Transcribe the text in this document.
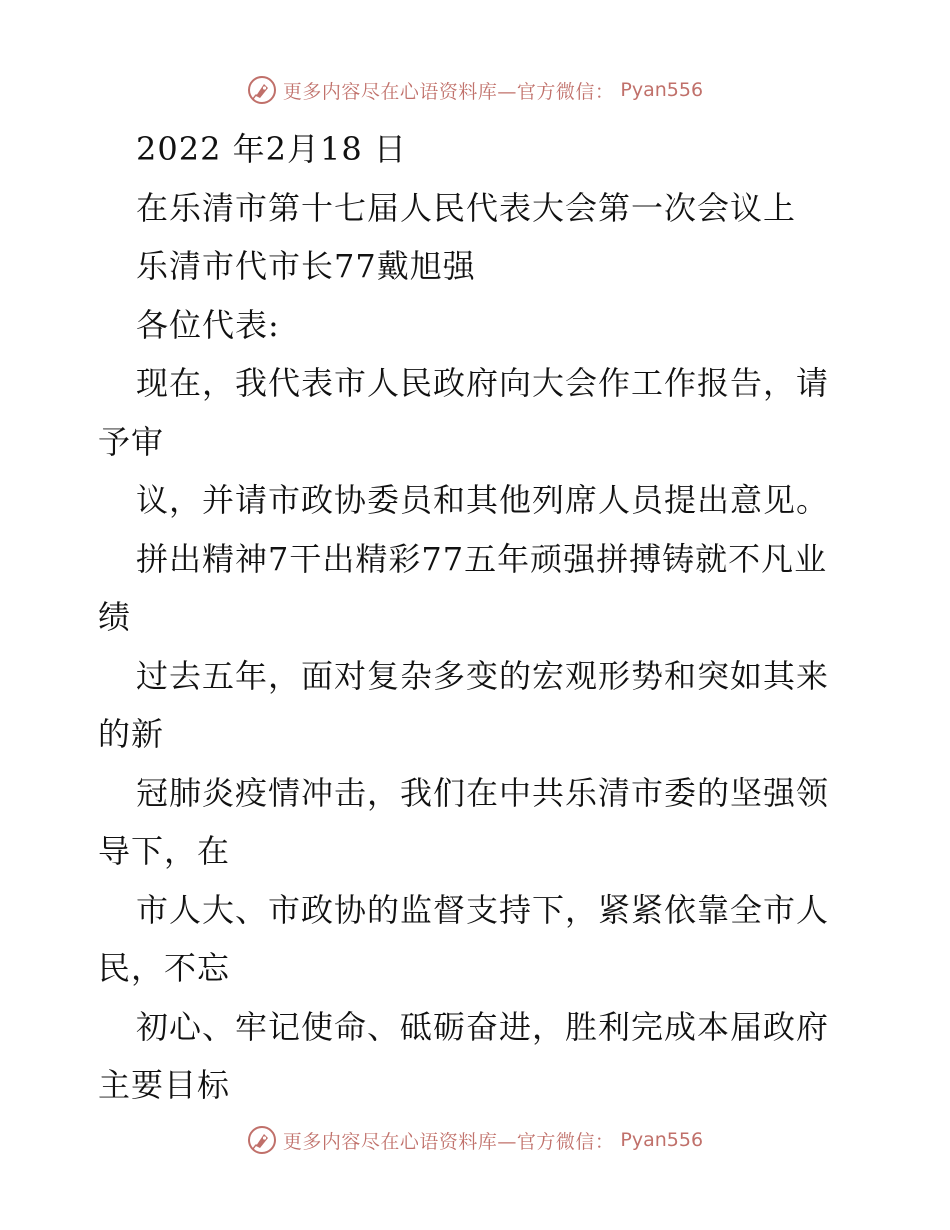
更多内容尽在心语资料库—官方微信： Pyan556
2022 年2月18 日
在乐清市第十七届人民代表大会第一次会议上
乐清市代市长77戴旭强
各位代表:
现在，我代表市人民政府向大会作工作报告，请
予审
议，并请市政协委员和其他列席人员提出意见。
拼出精神7干出精彩77五年顽强拼搏铸就不凡业
绩
过去五年，面对复杂多变的宏观形势和突如其来
的新
冠肺炎疫情冲击，我们在中共乐清市委的坚强领
导下，在
市人大、市政协的监督支持下，紧紧依靠全市人
民，不忘
初心、牢记使命、砥砺奋进，胜利完成本届政府
主要目标
更多内容尽在心语资料库—官方微信： Pyan556
